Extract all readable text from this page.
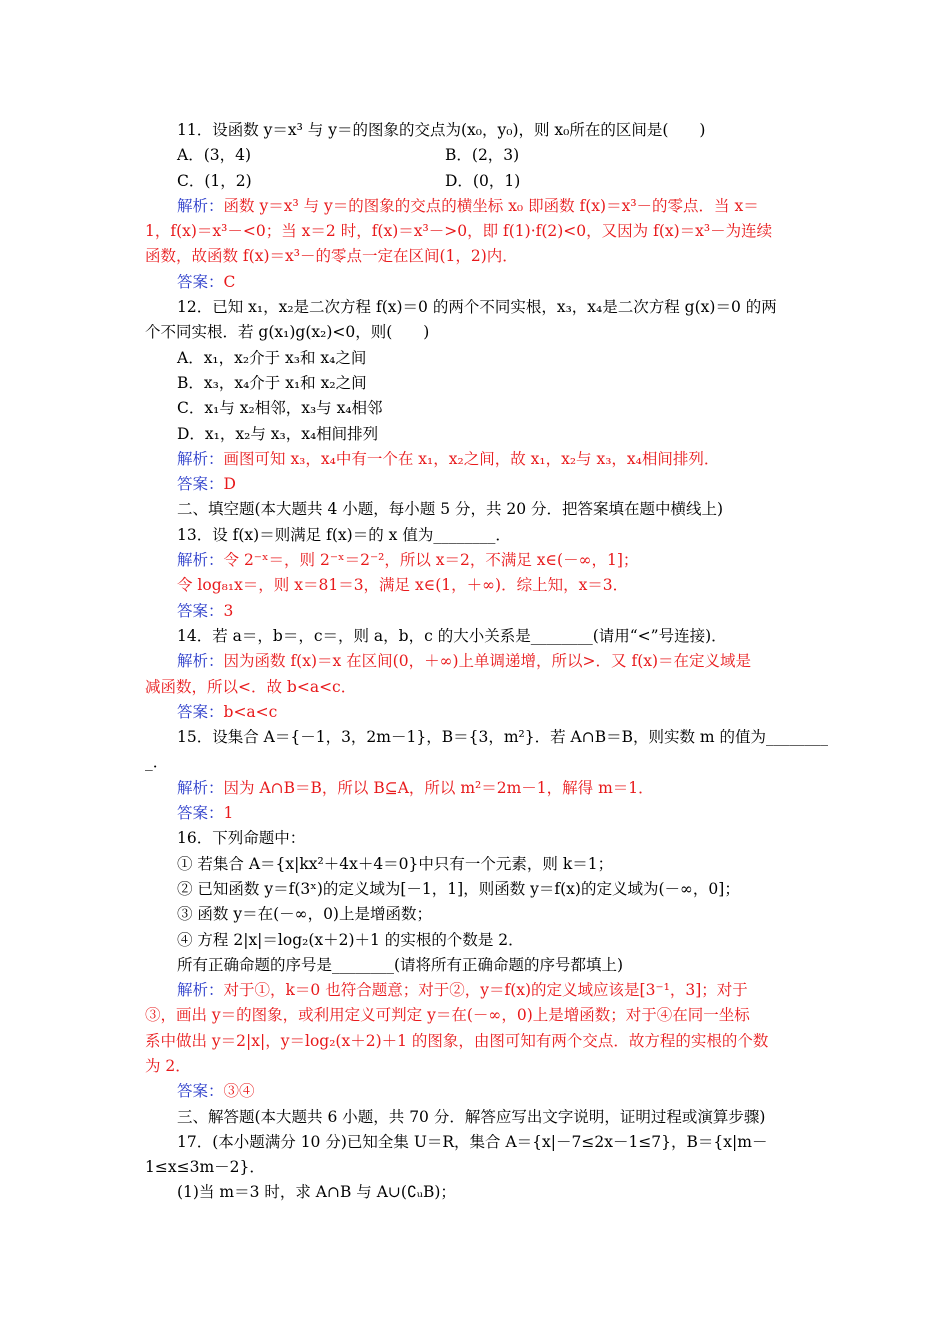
11．设函数 y＝x³ 与 y＝的图象的交点为(x₀，y₀)，则 x₀所在的区间是(　　)
A．(3，4)	B．(2，3)
C．(1，2)	D．(0，1)
解析：函数 y＝x³ 与 y＝的图象的交点的横坐标 x₀ 即函数 f(x)＝x³－的零点．当 x＝
1，f(x)＝x³－<0；当 x＝2 时，f(x)＝x³－>0，即 f(1)·f(2)<0，又因为 f(x)＝x³－为连续
函数，故函数 f(x)＝x³－的零点一定在区间(1，2)内．
答案：C
12．已知 x₁，x₂是二次方程 f(x)＝0 的两个不同实根，x₃，x₄是二次方程 g(x)＝0 的两
个不同实根．若 g(x₁)g(x₂)<0，则(　　)
A．x₁，x₂介于 x₃和 x₄之间
B．x₃，x₄介于 x₁和 x₂之间
C．x₁与 x₂相邻，x₃与 x₄相邻
D．x₁，x₂与 x₃，x₄相间排列
解析：画图可知 x₃，x₄中有一个在 x₁，x₂之间，故 x₁，x₂与 x₃，x₄相间排列．
答案：D
二、填空题(本大题共 4 小题，每小题 5 分，共 20 分．把答案填在题中横线上)
13．设 f(x)＝则满足 f(x)＝的 x 值为________．
解析：令 2⁻ˣ＝，则 2⁻ˣ＝2⁻²，所以 x＝2，不满足 x∈(－∞，1]；
令 log₈₁x＝，则 x＝81＝3，满足 x∈(1，＋∞)．综上知，x＝3．
答案：3
14．若 a＝，b＝，c＝，则 a，b，c 的大小关系是________(请用“<”号连接)．
解析：因为函数 f(x)＝x 在区间(0，＋∞)上单调递增，所以>．又 f(x)＝在定义域是
减函数，所以<．故 b<a<c．
答案：b<a<c
15．设集合 A＝{－1，3，2m－1}，B＝{3，m²}．若 A∩B＝B，则实数 m 的值为________
_．
解析：因为 A∩B＝B，所以 B⊆A，所以 m²＝2m－1，解得 m＝1．
答案：1
16．下列命题中：
① 若集合 A＝{x|kx²＋4x＋4＝0}中只有一个元素，则 k＝1；
② 已知函数 y＝f(3ˣ)的定义域为[－1，1]，则函数 y＝f(x)的定义域为(－∞，0]；
③ 函数 y＝在(－∞，0)上是增函数；
④ 方程 2|x|＝log₂(x＋2)＋1 的实根的个数是 2．
所有正确命题的序号是________(请将所有正确命题的序号都填上)
解析：对于①，k＝0 也符合题意；对于②，y＝f(x)的定义域应该是[3⁻¹，3]；对于
③，画出 y＝的图象，或利用定义可判定 y＝在(－∞，0)上是增函数；对于④在同一坐标
系中做出 y＝2|x|，y＝log₂(x＋2)＋1 的图象，由图可知有两个交点．故方程的实根的个数
为 2．
答案：③④
三、解答题(本大题共 6 小题，共 70 分．解答应写出文字说明，证明过程或演算步骤)
17．(本小题满分 10 分)已知全集 U＝R，集合 A＝{x|－7≤2x－1≤7}，B＝{x|m－
1≤x≤3m－2}．
(1)当 m＝3 时，求 A∩B 与 A∪(∁ᵤB)；
